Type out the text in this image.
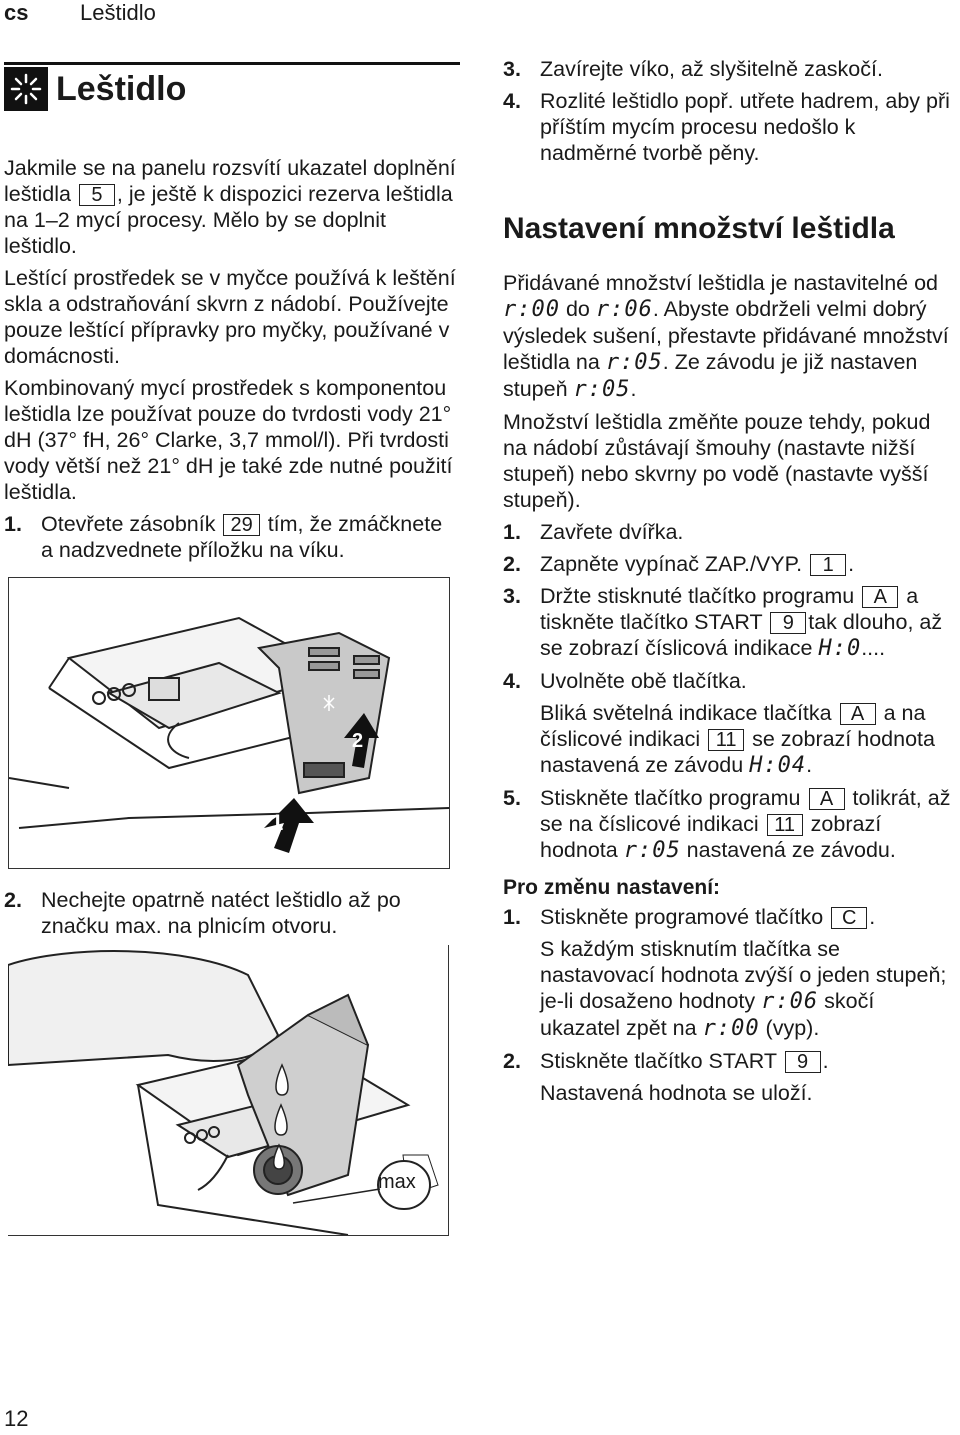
cs Leštidlo
Leštidlo

Jakmile se na panelu rozsvítí ukazatel doplnění leštidla 5 , je ještě k dispozici rezerva leštidla na 1–2 mycí procesy. Mělo by se doplnit leštidlo.

Leštící prostředek se v myčce používá k leštění skla a odstraňování skvrn z nádobí. Používejte pouze leštící přípravky pro myčky, používané v domácnosti.

Kombinovaný mycí prostředek s komponentou leštidla lze používat pouze do tvrdosti vody 21° dH (37° fH, 26° Clarke, 3,7 mmol/l). Při tvrdosti vody větší než 21° dH je také zde nutné použití leštidla.

1. Otevřete zásobník 29 tím, že zmáčknete a nadzvednete příložku na víku.
1
2
2. Nechejte opatrně natéct leštidlo až po značku max. na plnicím otvoru.
max
3. Zavírejte víko, až slyšitelně zaskočí.
4. Rozlité leštidlo popř. utřete hadrem, aby při příštím mycím procesu nedošlo k nadměrné tvorbě pěny.
Nastavení množství leštidla

Přidávané množství leštidla je nastavitelné od r:00 do r:06. Abyste obdrželi velmi dobrý výsledek sušení, přestavte přidávané množství leštidla na r:05. Ze závodu je již nastaven stupeň r:05.

Množství leštidla změňte pouze tehdy, pokud na nádobí zůstávají šmouhy (nastavte nižší stupeň) nebo skvrny po vodě (nastavte vyšší stupeň).

1. Zavřete dvířka.
2. Zapněte vypínač ZAP./VYP. 1 .
3. Držte stisknuté tlačítko programu A a tiskněte tlačítko START 9 tak dlouho, až se zobrazí číslicová indikace H:0....
4. Uvolněte obě tlačítka.
Bliká světelná indikace tlačítka A a na číslicové indikaci 11 se zobrazí hodnota nastavená ze závodu H:04.
5. Stiskněte tlačítko programu A tolikrát, až se na číslicové indikaci 11 zobrazí hodnota r:05 nastavená ze závodu.
Pro změnu nastavení:
1. Stiskněte programové tlačítko C .
S každým stisknutím tlačítka se nastavovací hodnota zvýší o jeden stupeň; je-li dosaženo hodnoty r:06 skočí ukazatel zpět na r:00 (vyp).
2. Stiskněte tlačítko START 9 .
Nastavená hodnota se uloží.
12
